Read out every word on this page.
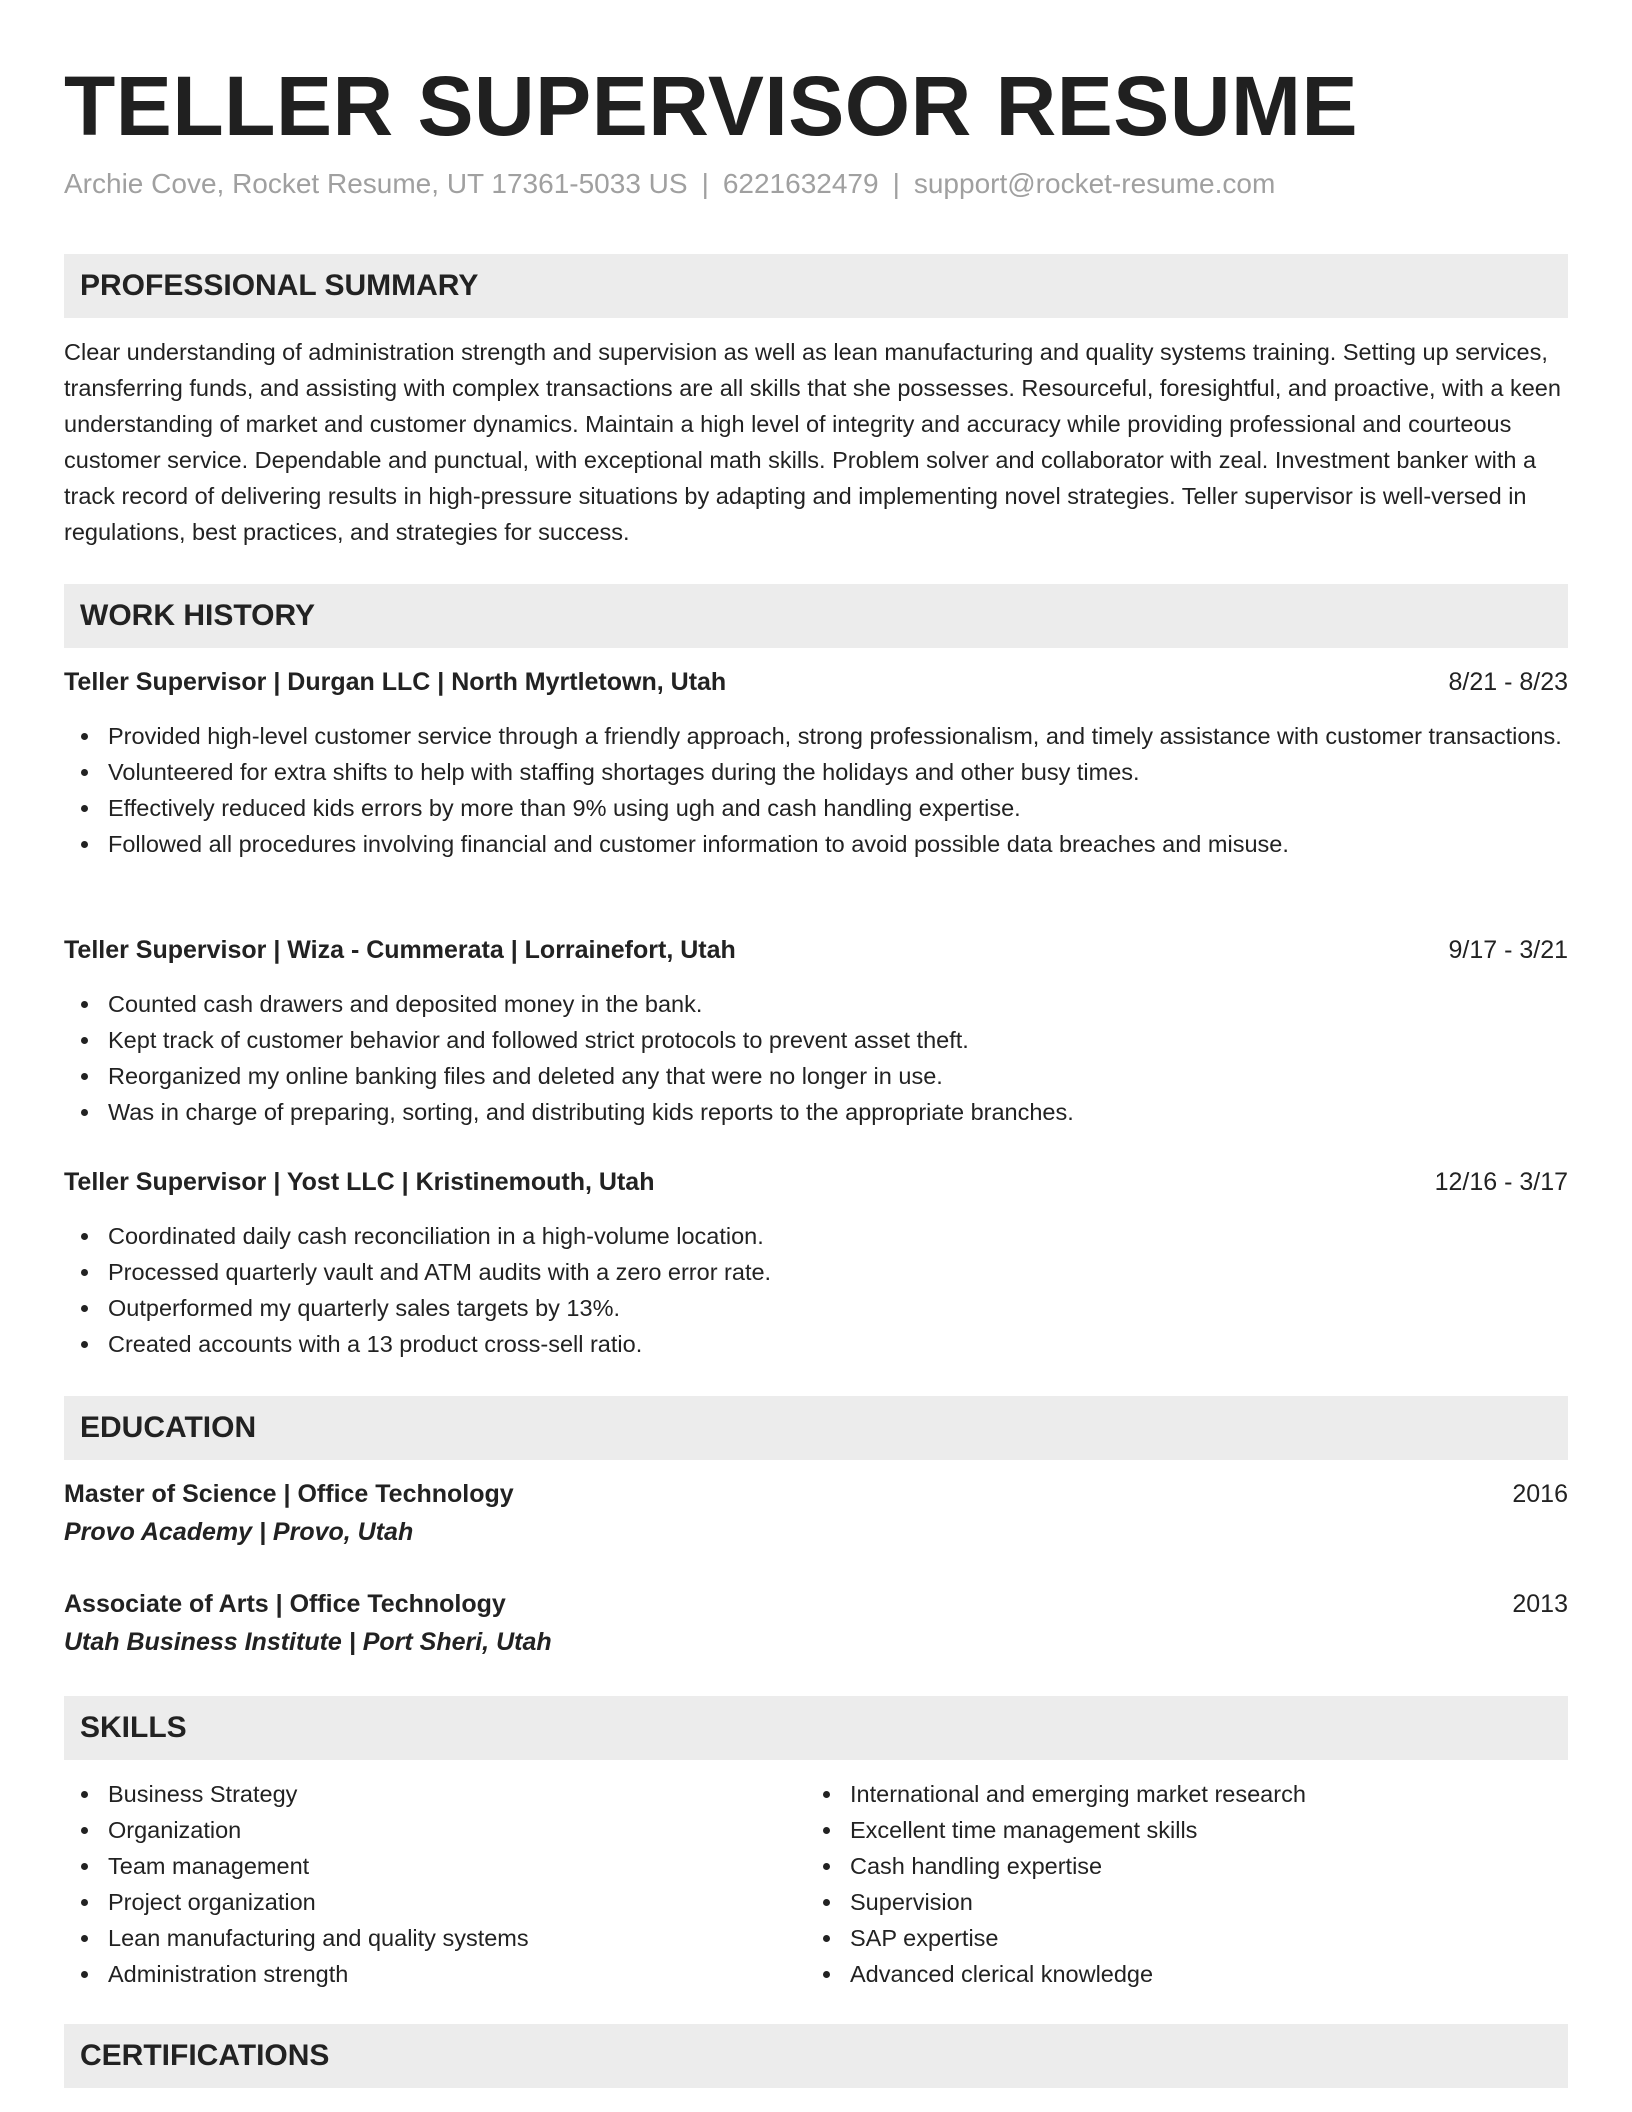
TELLER SUPERVISOR RESUME
Archie Cove, Rocket Resume, UT 17361-5033 US | 6221632479 | support@rocket-resume.com
PROFESSIONAL SUMMARY

Clear understanding of administration strength and supervision as well as lean manufacturing and quality systems training. Setting up services, transferring funds, and assisting with complex transactions are all skills that she possesses. Resourceful, foresightful, and proactive, with a keen understanding of market and customer dynamics. Maintain a high level of integrity and accuracy while providing professional and courteous customer service. Dependable and punctual, with exceptional math skills. Problem solver and collaborator with zeal. Investment banker with a track record of delivering results in high-pressure situations by adapting and implementing novel strategies. Teller supervisor is well-versed in regulations, best practices, and strategies for success.

WORK HISTORY
Teller Supervisor | Durgan LLC | North Myrtletown, Utah	8/21 - 8/23
Provided high-level customer service through a friendly approach, strong professionalism, and timely assistance with customer transactions.
Volunteered for extra shifts to help with staffing shortages during the holidays and other busy times.
Effectively reduced kids errors by more than 9% using ugh and cash handling expertise.
Followed all procedures involving financial and customer information to avoid possible data breaches and misuse.
Teller Supervisor | Wiza - Cummerata | Lorrainefort, Utah	9/17 - 3/21
Counted cash drawers and deposited money in the bank.
Kept track of customer behavior and followed strict protocols to prevent asset theft.
Reorganized my online banking files and deleted any that were no longer in use.
Was in charge of preparing, sorting, and distributing kids reports to the appropriate branches.
Teller Supervisor | Yost LLC | Kristinemouth, Utah	12/16 - 3/17
Coordinated daily cash reconciliation in a high-volume location.
Processed quarterly vault and ATM audits with a zero error rate.
Outperformed my quarterly sales targets by 13%.
Created accounts with a 13 product cross-sell ratio.
EDUCATION
Master of Science | Office Technology	2016
Provo Academy | Provo, Utah
Associate of Arts | Office Technology	2013
Utah Business Institute | Port Sheri, Utah
SKILLS
Business Strategy
Organization
Team management
Project organization
Lean manufacturing and quality systems
Administration strength
International and emerging market research
Excellent time management skills
Cash handling expertise
Supervision
SAP expertise
Advanced clerical knowledge
CERTIFICATIONS
